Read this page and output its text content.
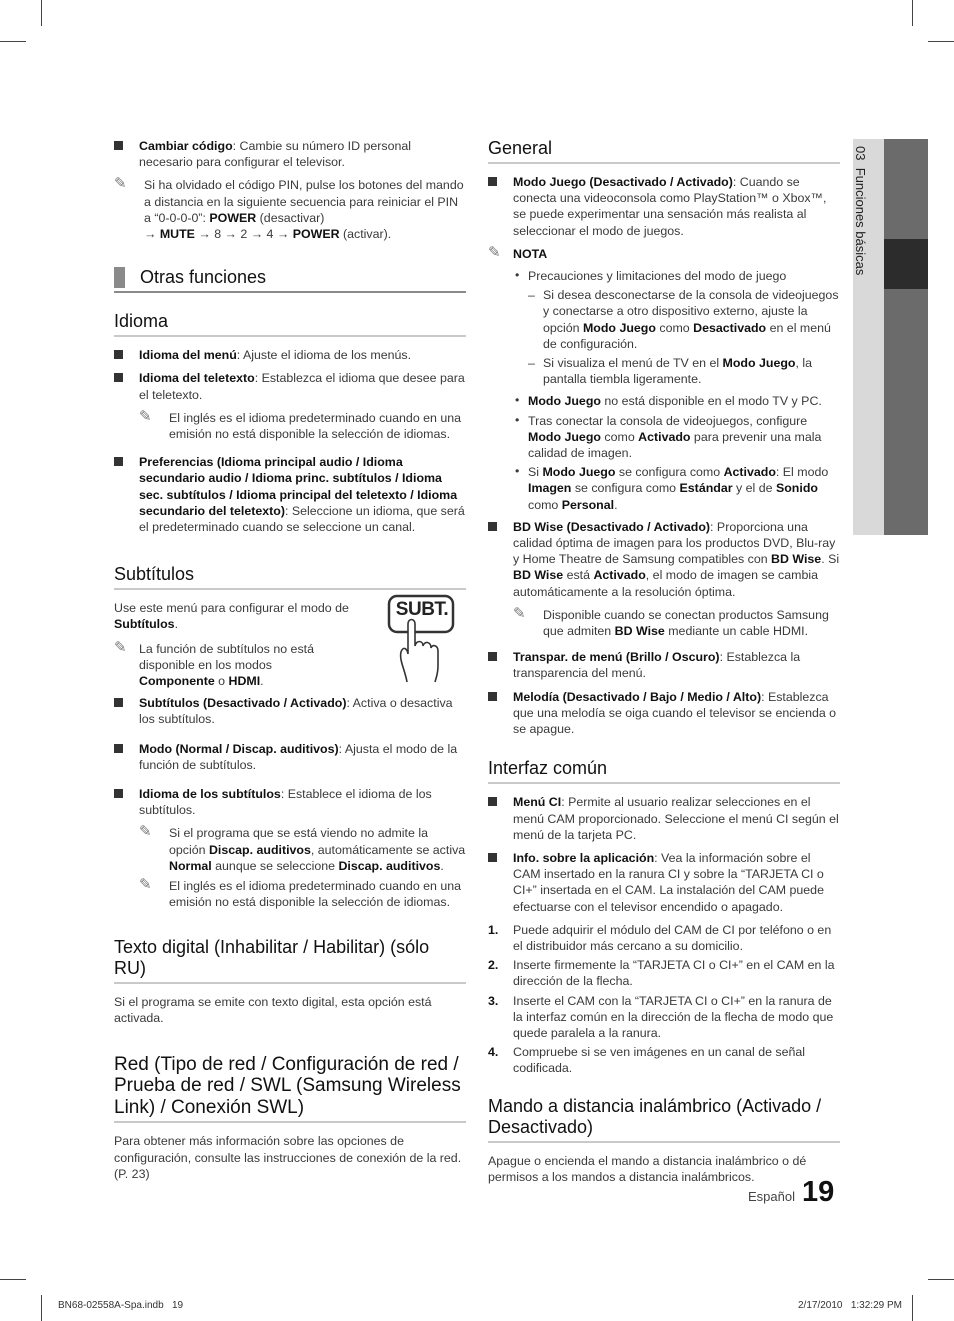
03  Funciones básicas
Cambiar código: Cambie su número ID personal necesario para configurar el televisor.
✎ Si ha olvidado el código PIN, pulse los botones del mando a distancia en la siguiente secuencia para reiniciar el PIN a “0-0-0-0”: POWER (desactivar)
→ MUTE → 8 → 2 → 4 → POWER (activar).
Otras funciones
Idioma
Idioma del menú: Ajuste el idioma de los menús.
Idioma del teletexto: Establezca el idioma que desee para el teletexto.
✎ El inglés es el idioma predeterminado cuando en una emisión no está disponible la selección de idiomas.
Preferencias (Idioma principal audio / Idioma secundario audio / Idioma princ. subtítulos / Idioma sec. subtítulos / Idioma principal del teletexto / Idioma secundario del teletexto): Seleccione un idioma, que será el predeterminado cuando se seleccione un canal.
Subtítulos
Use este menú para configurar el modo de Subtítulos.
✎ La función de subtítulos no está disponible en los modos Componente o HDMI.
SUBT.
Subtítulos (Desactivado / Activado): Activa o desactiva los subtítulos.
Modo (Normal / Discap. auditivos): Ajusta el modo de la función de subtítulos.
Idioma de los subtítulos: Establece el idioma de los subtítulos.
✎ Si el programa que se está viendo no admite la opción Discap. auditivos, automáticamente se activa Normal aunque se seleccione Discap. auditivos.
✎ El inglés es el idioma predeterminado cuando en una emisión no está disponible la selección de idiomas.
Texto digital (Inhabilitar / Habilitar) (sólo RU)
Si el programa se emite con texto digital, esta opción está activada.
Red (Tipo de red / Configuración de red / Prueba de red / SWL (Samsung Wireless Link) / Conexión SWL)
Para obtener más información sobre las opciones de configuración, consulte las instrucciones de conexión de la red. (P. 23)
General
Modo Juego (Desactivado / Activado): Cuando se conecta una videoconsola como PlayStation™ o Xbox™, se puede experimentar una sensación más realista al seleccionar el modo de juegos.
✎ NOTA
• Precauciones y limitaciones del modo de juego
– Si desea desconectarse de la consola de videojuegos y conectarse a otro dispositivo externo, ajuste la opción Modo Juego como Desactivado en el menú de configuración.
– Si visualiza el menú de TV en el Modo Juego, la pantalla tiembla ligeramente.
• Modo Juego no está disponible en el modo TV y PC.
• Tras conectar la consola de videojuegos, configure Modo Juego como Activado para prevenir una mala calidad de imagen.
• Si Modo Juego se configura como Activado: El modo Imagen se configura como Estándar y el de Sonido como Personal.
BD Wise (Desactivado / Activado): Proporciona una calidad óptima de imagen para los productos DVD, Blu-ray y Home Theatre de Samsung compatibles con BD Wise. Si BD Wise está Activado, el modo de imagen se cambia automáticamente a la resolución óptima.
✎ Disponible cuando se conectan productos Samsung que admiten BD Wise mediante un cable HDMI.
Transpar. de menú (Brillo / Oscuro): Establezca la transparencia del menú.
Melodía (Desactivado / Bajo / Medio / Alto): Establezca que una melodía se oiga cuando el televisor se encienda o se apague.
Interfaz común
Menú CI: Permite al usuario realizar selecciones en el menú CAM proporcionado. Seleccione el menú CI según el menú de la tarjeta PC.
Info. sobre la aplicación: Vea la información sobre el CAM insertado en la ranura CI y sobre la “TARJETA CI o CI+” insertada en el CAM. La instalación del CAM puede efectuarse con el televisor encendido o apagado.
1. Puede adquirir el módulo del CAM de CI por teléfono o en el distribuidor más cercano a su domicilio.
2. Inserte firmemente la “TARJETA CI o CI+” en el CAM en la dirección de la flecha.
3. Inserte el CAM con la “TARJETA CI o CI+” en la ranura de la interfaz común en la dirección de la flecha de modo que quede paralela a la ranura.
4. Compruebe si se ven imágenes en un canal de señal codificada.
Mando a distancia inalámbrico (Activado / Desactivado)
Apague o encienda el mando a distancia inalámbrico o dé permisos a los mandos a distancia inalámbricos.
Español 19
BN68-02558A-Spa.indb   19	2/17/2010   1:32:29 PM
